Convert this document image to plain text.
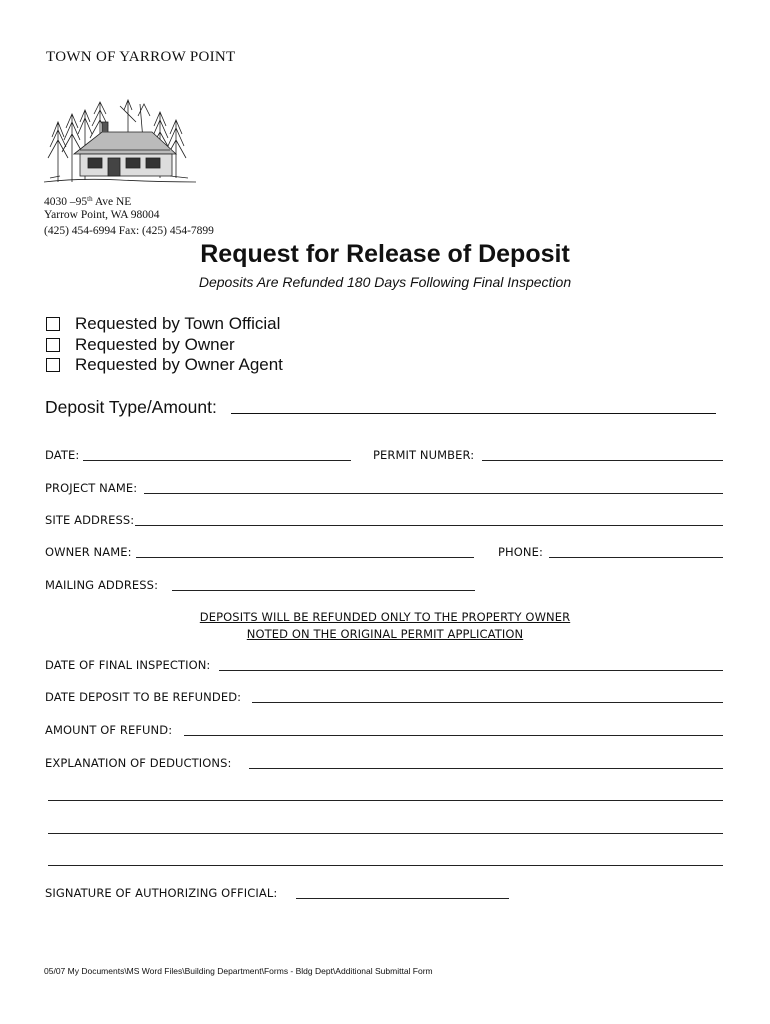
TOWN OF YARROW POINT
4030 –95th Ave NE
Yarrow Point, WA 98004
(425) 454-6994 Fax: (425) 454-7899
Request for Release of Deposit
Deposits Are Refunded 180 Days Following Final Inspection
Requested by Town Official
Requested by Owner
Requested by Owner Agent
Deposit Type/Amount:
DATE:	PERMIT NUMBER:
PROJECT NAME:
SITE ADDRESS:
OWNER NAME:	PHONE:
MAILING ADDRESS:
DEPOSITS WILL BE REFUNDED ONLY TO THE PROPERTY OWNER
NOTED ON THE ORIGINAL PERMIT APPLICATION
DATE OF FINAL INSPECTION:
DATE DEPOSIT TO BE REFUNDED:
AMOUNT OF REFUND:
EXPLANATION OF DEDUCTIONS:
SIGNATURE OF AUTHORIZING OFFICIAL:
05/07 My Documents\MS Word Files\Building Department\Forms - Bldg Dept\Additional Submittal Form
